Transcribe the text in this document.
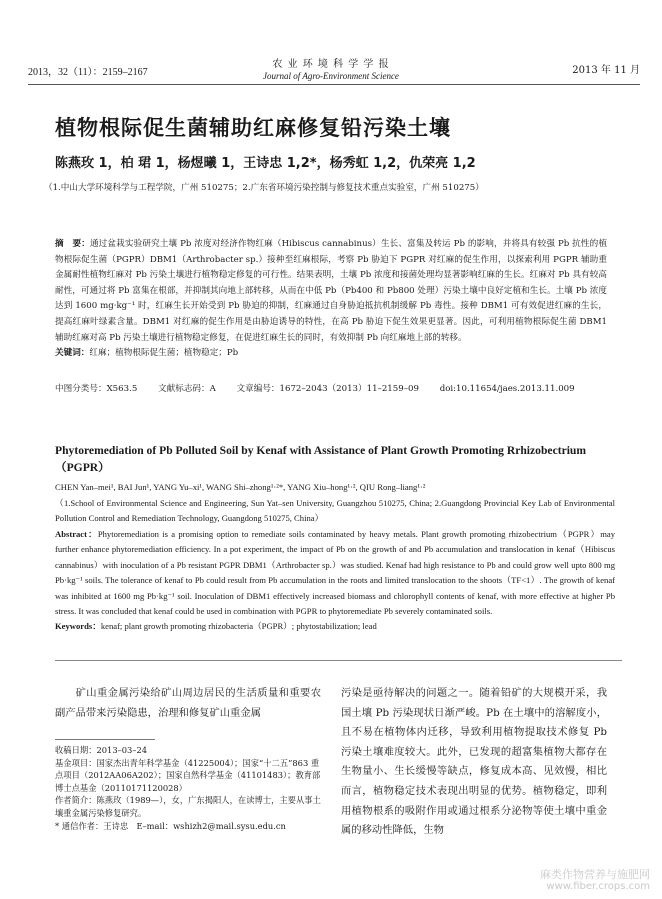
2013，32（11）：2159–2167
农 业 环 境 科 学 学 报
Journal of Agro-Environment Science	2013 年 11 月
植物根际促生菌辅助红麻修复铅污染土壤
陈燕玫 1，柏 珺 1，杨煜曦 1，王诗忠 1,2*，杨秀虹 1,2，仇荣亮 1,2
（1.中山大学环境科学与工程学院，广州 510275；2.广东省环境污染控制与修复技术重点实验室，广州 510275）
摘　要：通过盆栽实验研究土壤 Pb 浓度对经济作物红麻（Hibiscus cannabinus）生长、富集及转运 Pb 的影响，并将具有较强 Pb 抗性的植物根际促生菌（PGPR）DBM1（Arthrobacter sp.）接种至红麻根际，考察 Pb 胁迫下 PGPR 对红麻的促生作用，以探索利用 PGPR 辅助重金属耐性植物红麻对 Pb 污染土壤进行植物稳定修复的可行性。结果表明，土壤 Pb 浓度和接菌处理均显著影响红麻的生长。红麻对 Pb 具有较高耐性，可通过将 Pb 富集在根部，并抑制其向地上部转移，从而在中低 Pb（Pb400 和 Pb800 处理）污染土壤中良好定植和生长。土壤 Pb 浓度达到 1600 mg·kg⁻¹ 时，红麻生长开始受到 Pb 胁迫的抑制，红麻通过自身胁迫抵抗机制缓解 Pb 毒性。接种 DBM1 可有效促进红麻的生长，提高红麻叶绿素含量。DBM1 对红麻的促生作用是由胁迫诱导的特性，在高 Pb 胁迫下促生效果更显著。因此，可利用植物根际促生菌 DBM1 辅助红麻对高 Pb 污染土壤进行植物稳定修复，在促进红麻生长的同时，有效抑制 Pb 向红麻地上部的转移。
关键词：红麻；植物根际促生菌；植物稳定；Pb
中图分类号：X563.5 文献标志码：A 文章编号：1672–2043（2013）11–2159–09 doi:10.11654/jaes.2013.11.009
Phytoremediation of Pb Polluted Soil by Kenaf with Assistance of Plant Growth Promoting Rrhizobectrium（PGPR）
CHEN Yan–mei¹, BAI Jun¹, YANG Yu–xi¹, WANG Shi–zhong¹·²*, YANG Xiu–hong¹·², QIU Rong–liang¹·²
（1.School of Environmental Science and Engineering, Sun Yat–sen University, Guangzhou 510275, China; 2.Guangdong Provincial Key Lab of Environmental Pollution Control and Remediation Technology, Guangdong 510275, China）
Abstract：Phytoremediation is a promising option to remediate soils contaminated by heavy metals. Plant growth promoting rhizobectrium（PGPR）may further enhance phytoremediation efficiency. In a pot experiment, the impact of Pb on the growth of and Pb accumulation and translocation in kenaf（Hibiscus cannabinus）with inoculation of a Pb resistant PGPR DBM1（Arthrobacter sp.）was studied. Kenaf had high resistance to Pb and could grow well upto 800 mg Pb·kg⁻¹ soils. The tolerance of kenaf to Pb could result from Pb accumulation in the roots and limited translocation to the shoots（TF<1）. The growth of kenaf was inhibited at 1600 mg Pb·kg⁻¹ soil. Inoculation of DBM1 effectively increased biomass and chlorophyll contents of kenaf, with more effective at higher Pb stress. It was concluded that kenaf could be used in combination with PGPR to phytoremediate Pb severely contaminated soils.
Keywords：kenaf; plant growth promoting rhizobacteria（PGPR）; phytostabilization; lead
矿山重金属污染给矿山周边居民的生活质量和重要农副产品带来污染隐患，治理和修复矿山重金属
污染是亟待解决的问题之一。随着铅矿的大规模开采，我国土壤 Pb 污染现状日渐严峻。Pb 在土壤中的溶解度小，且不易在植物体内迁移，导致利用植物提取技术修复 Pb 污染土壤难度较大。此外，已发现的超富集植物大都存在生物量小、生长缓慢等缺点，修复成本高、见效慢，相比而言，植物稳定技术表现出明显的优势。植物稳定，即利用植物根系的吸附作用或通过根系分泌物等使土壤中重金属的移动性降低，生物
收稿日期：2013–03–24
基金项目：国家杰出青年科学基金（41225004）；国家“十二五”863 重点项目（2012AA06A202）；国家自然科学基金（41101483）；教育部博士点基金（20110171120028）
作者简介：陈燕玫（1989—），女，广东揭阳人，在读博士，主要从事土壤重金属污染修复研究。
* 通信作者：王诗忠　E–mail：wshizh2@mail.sysu.edu.cn
麻类作物营养与施肥网
www.fiber.crops.com
